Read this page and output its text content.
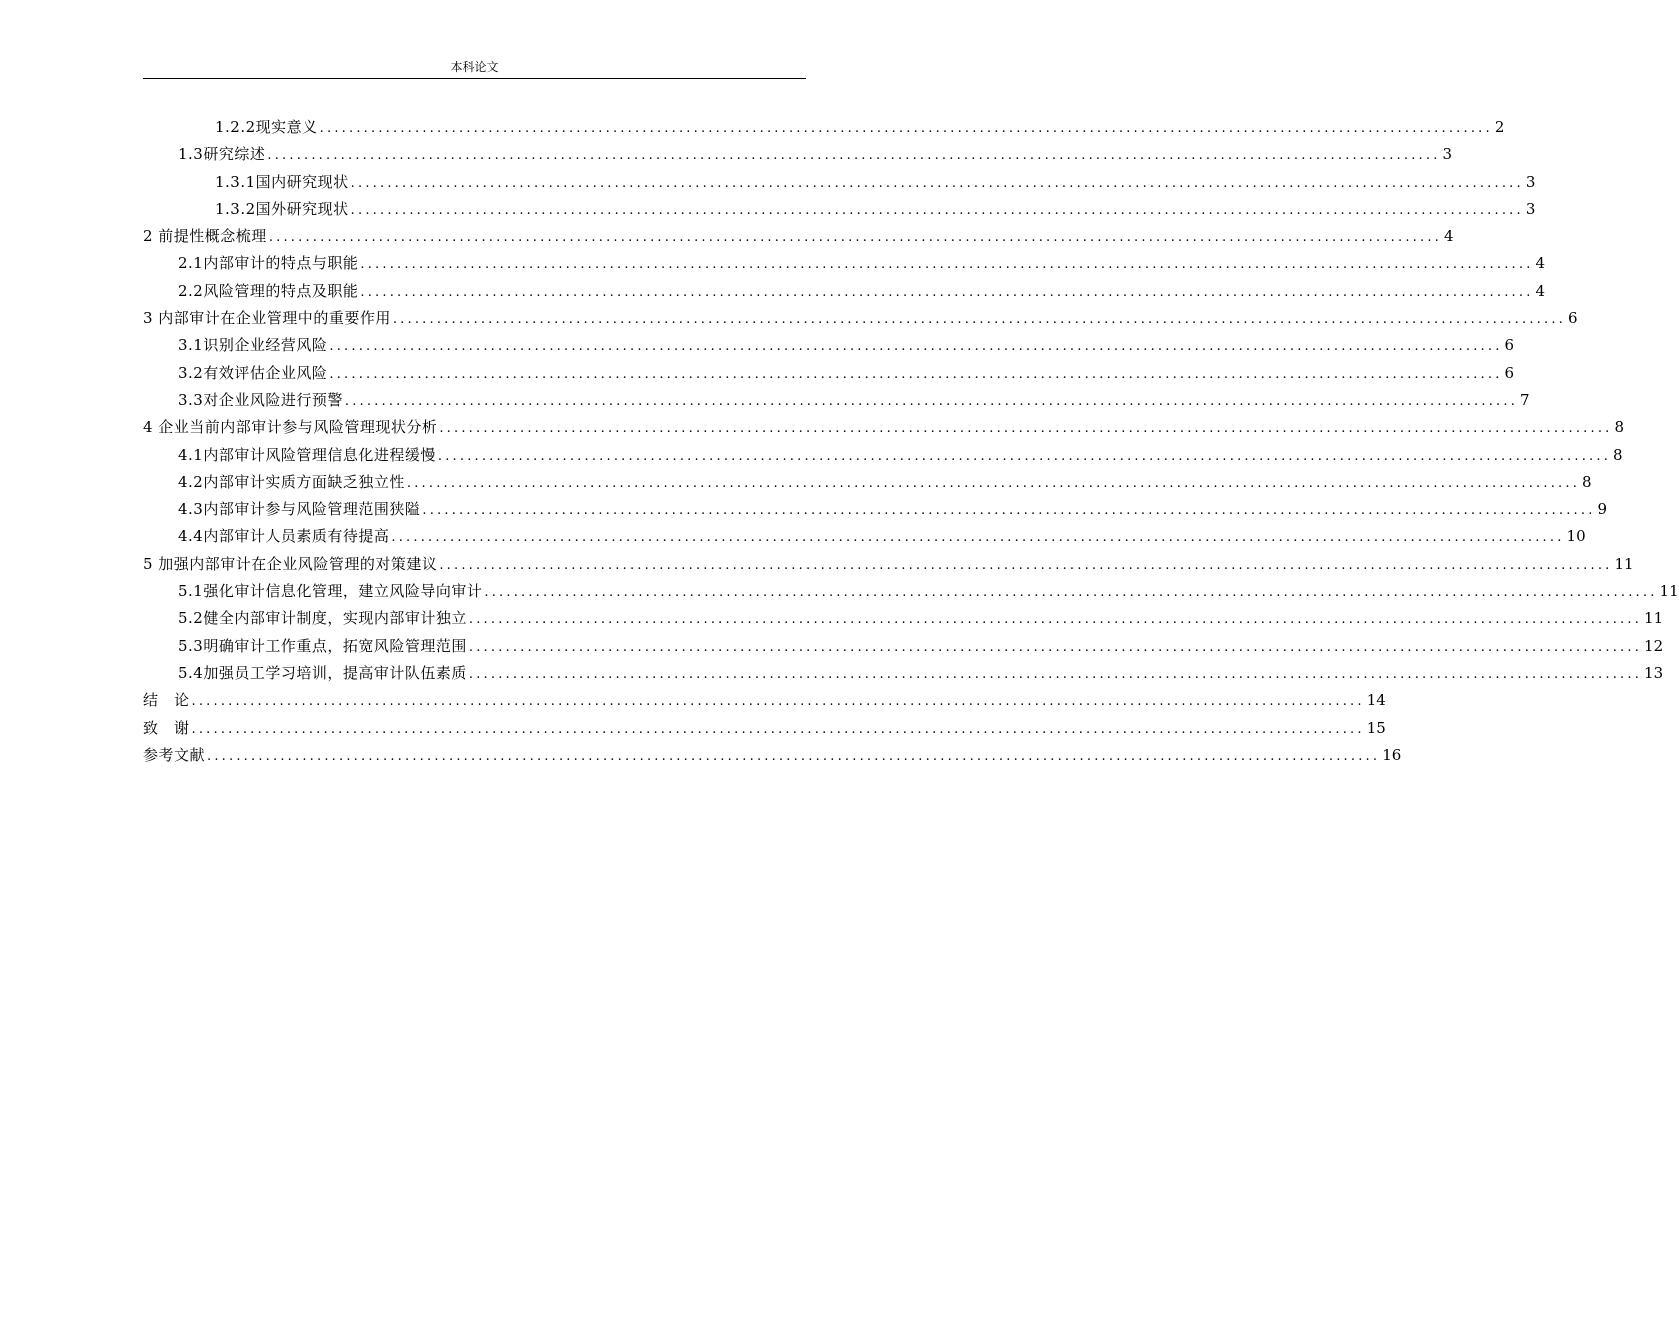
本科论文
1.2.2现实意义 ................................................................................................................................................................ 2
1.3研究综述 ................................................................................................................................................................ 3
1.3.1国内研究现状 ................................................................................................................................................................ 3
1.3.2国外研究现状 ................................................................................................................................................................ 3
2 前提性概念梳理 ................................................................................................................................................................ 4
2.1内部审计的特点与职能 ................................................................................................................................................................ 4
2.2风险管理的特点及职能 ................................................................................................................................................................ 4
3 内部审计在企业管理中的重要作用 ................................................................................................................................................................ 6
3.1识别企业经营风险 ................................................................................................................................................................ 6
3.2有效评估企业风险 ................................................................................................................................................................ 6
3.3对企业风险进行预警 ................................................................................................................................................................ 7
4 企业当前内部审计参与风险管理现状分析 ................................................................................................................................................................ 8
4.1内部审计风险管理信息化进程缓慢 ................................................................................................................................................................ 8
4.2内部审计实质方面缺乏独立性 ................................................................................................................................................................ 8
4.3内部审计参与风险管理范围狭隘 ................................................................................................................................................................ 9
4.4内部审计人员素质有待提高 ................................................................................................................................................................ 10
5 加强内部审计在企业风险管理的对策建议 ................................................................................................................................................................ 11
5.1强化审计信息化管理，建立风险导向审计 ................................................................................................................................................................ 11
5.2健全内部审计制度，实现内部审计独立 ................................................................................................................................................................ 11
5.3明确审计工作重点，拓宽风险管理范围 ................................................................................................................................................................ 12
5.4加强员工学习培训，提高审计队伍素质 ................................................................................................................................................................ 13
结　论 ................................................................................................................................................................ 14
致　谢 ................................................................................................................................................................ 15
参考文献 ................................................................................................................................................................ 16
